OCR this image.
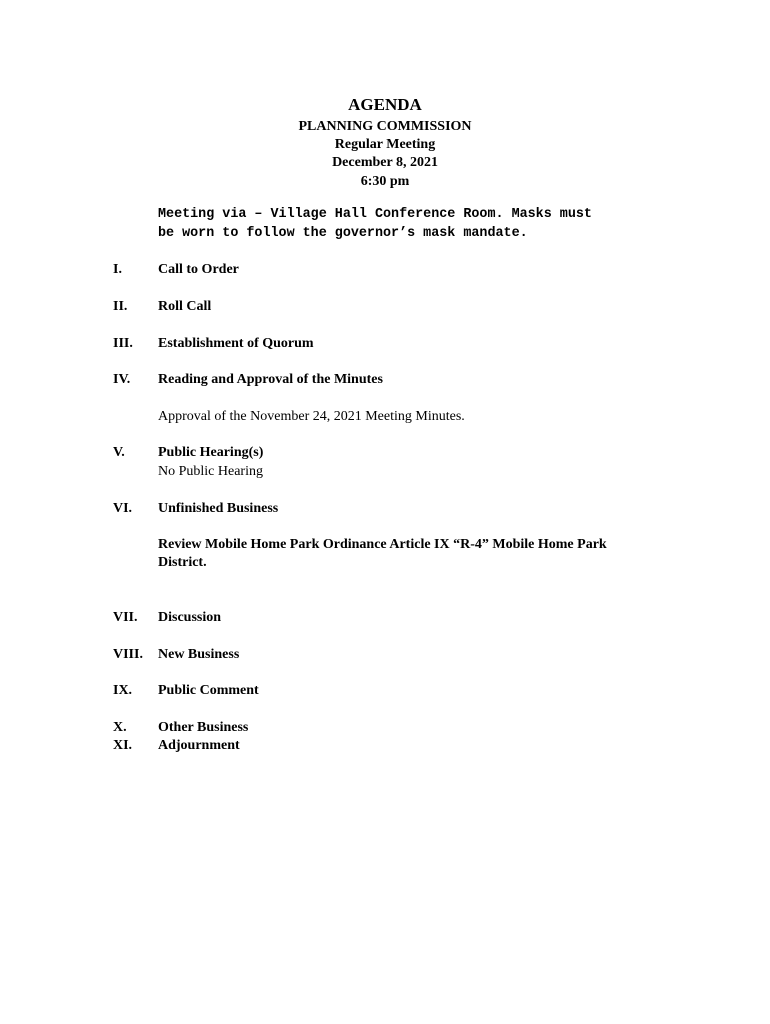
AGENDA
PLANNING COMMISSION
Regular Meeting
December 8, 2021
6:30 pm
Meeting via – Village Hall Conference Room. Masks must
be worn to follow the governor’s mask mandate.
I.	Call to Order
II. Roll Call
III. Establishment of Quorum
IV. Reading and Approval of the Minutes
Approval of the November 24, 2021 Meeting Minutes.
V. Public Hearing(s)
No Public Hearing
VI. Unfinished Business
Review Mobile Home Park Ordinance Article IX “R-4” Mobile Home Park District.
VII. Discussion
VIII. New Business
IX. Public Comment
X. Other Business
XI. Adjournment
